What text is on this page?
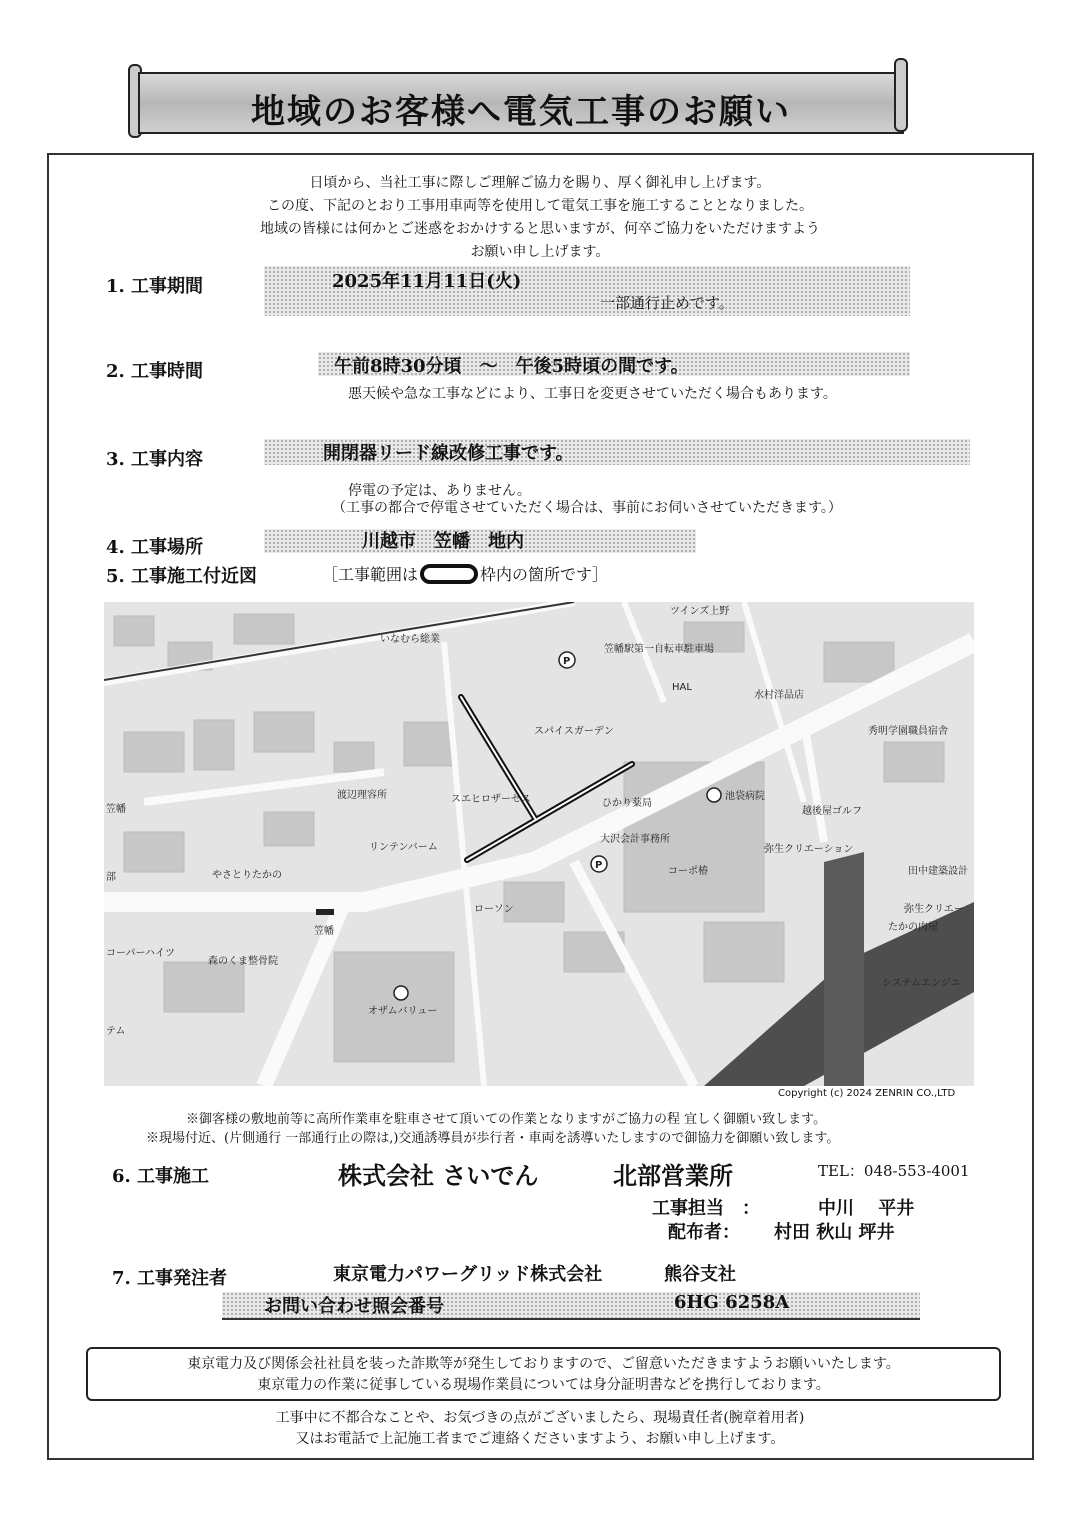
地域のお客様へ電気工事のお願い
日頃から、当社工事に際しご理解ご協力を賜り、厚く御礼申し上げます。
この度、下記のとおり工事用車両等を使用して電気工事を施工することとなりました。
地域の皆様には何かとご迷惑をおかけすると思いますが、何卒ご協力をいただけますよう
お願い申し上げます。
1. 工事期間	2025年11月11日(火)
一部通行止めです。
2. 工事時間	午前8時30分頃　～　午後5時頃の間です。
悪天候や急な工事などにより、工事日を変更させていただく場合もあります。
3. 工事内容	開閉器リード線改修工事です。
停電の予定は、ありません。
（工事の都合で停電させていただく場合は、事前にお伺いさせていただきます。）
4. 工事場所	川越市　笠幡　地内
5. 工事施工付近図	［工事範囲は	枠内の箇所です］
P
P
いなむら総業
笠幡駅第一自転車駐車場
ツインズ上野
HAL
水村洋品店
秀明学園職員宿舎
スパイスガーデン
渡辺理容所	スエヒロザーセス	ひかり薬局
池袋病院
越後屋ゴルフ
笠幡
リンテンバーム
大沢会計事務所
弥生クリエーション
コーポ椿	田中建築設計
やさとりたかの
ローソン	弥生クリエー
笠幡
コーパーハイツ
森のくま整骨院
たかの肉屋
オザムバリュー
システムエンジニ
テム
部
Copyright (c) 2024 ZENRIN CO.,LTD
※御客様の敷地前等に高所作業車を駐車させて頂いての作業となりますがご協力の程 宜しく御願い致します。
※現場付近、(片側通行 一部通行止の際は,)交通誘導員が歩行者・車両を誘導いたしますので御協力を御願い致します。
6. 工事施工	株式会社 さいでん	北部営業所	TEL：048-553-4001
工事担当　：	中川　 平井
配布者： 村田 秋山 坪井
7. 工事発注者	東京電力パワーグリッド株式会社	熊谷支社
お問い合わせ照会番号	6HG 6258A
東京電力及び関係会社社員を装った詐欺等が発生しておりますので、ご留意いただきますようお願いいたします。
東京電力の作業に従事している現場作業員については身分証明書などを携行しております。
工事中に不都合なことや、お気づきの点がございましたら、現場責任者(腕章着用者)
又はお電話で上記施工者までご連絡くださいますよう、お願い申し上げます。
